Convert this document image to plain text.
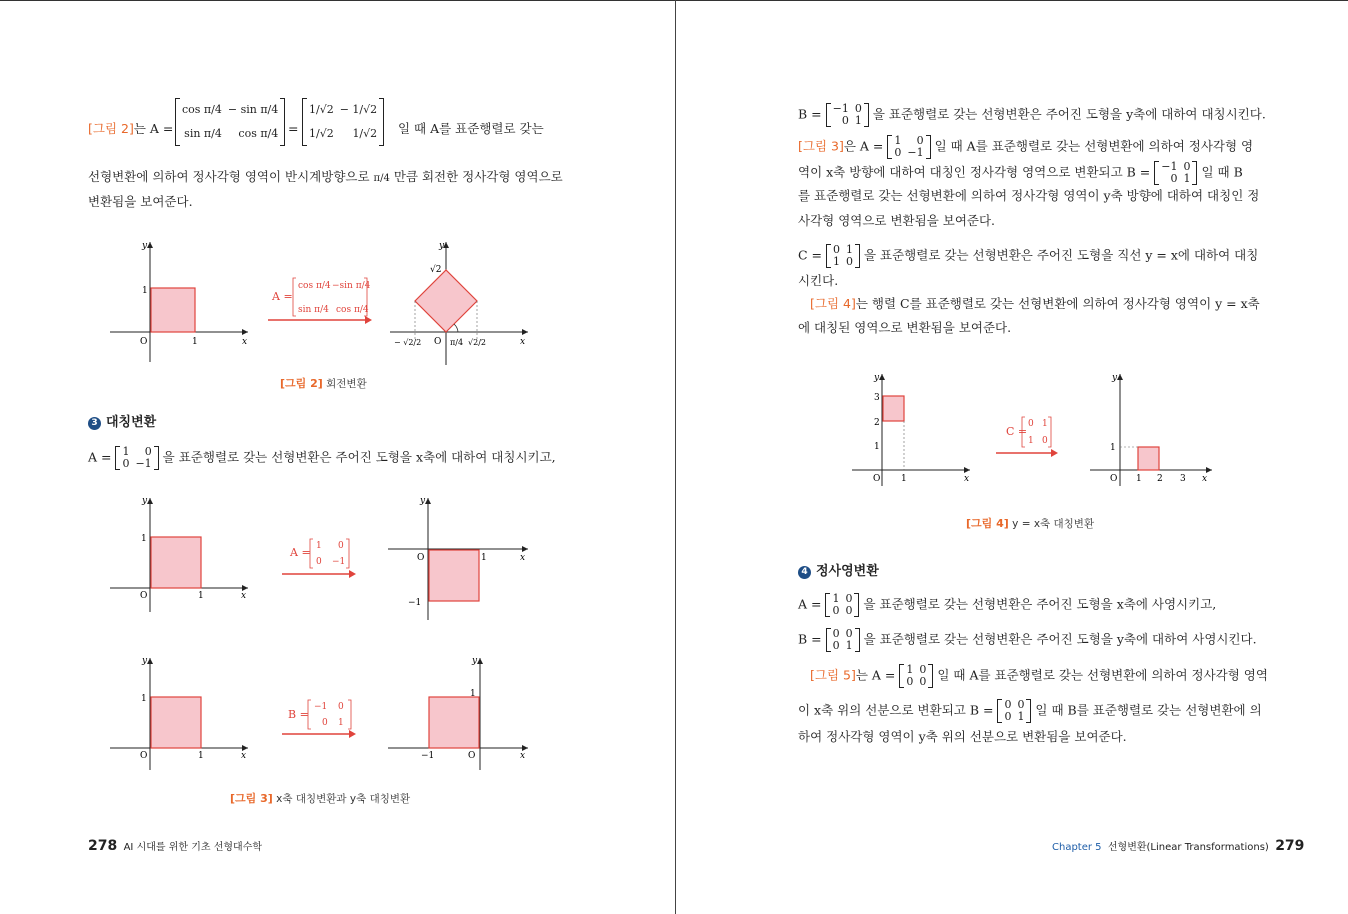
[그림 2]는 A =
cos π/4	− sin π/4
sin π/4	cos π/4 =
1/√2	− 1/√2
1/√2	1/√2 일 때 A를 표준행렬로 갖는
선형변환에 의하여 정사각형 영역이 반시계방향으로 π/4 만큼 회전한 정사각형 영역으로
변환됨을 보여준다.
y
1
O	1	x
A =
cos π/4 −sin π/4
sin π/4 cos π/4
y
√2
− √2/2 O π/4 √2/2	x
[그림 2] 회전변환
3 대칭변환
A = 1	0
0	−1 을 표준행렬로 갖는 선형변환은 주어진 도형을 x축에 대하여 대칭시키고,
y
1
O	1	x
A = 1 0
0 −1
y
O	1	x
−1
y
1
O	1	x
B =
−1 0
0 1
y
1
−1	O	x
[그림 3] x축 대칭변환과 y축 대칭변환
278 AI 시대를 위한 기초 선형대수학
B = −1	0
0	1 을 표준행렬로 갖는 선형변환은 주어진 도형을 y축에 대하여 대칭시킨다.
[그림 3]은 A = 1	0
0	−1 일 때 A를 표준행렬로 갖는 선형변환에 의하여 정사각형 영
역이 x축 방향에 대하여 대칭인 정사각형 영역으로 변환되고 B = −1	0
0	1 일 때 B
를 표준행렬로 갖는 선형변환에 의하여 정사각형 영역이 y축 방향에 대하여 대칭인 정
사각형 영역으로 변환됨을 보여준다.
C = 0	1
1	0 을 표준행렬로 갖는 선형변환은 주어진 도형을 직선 y = x에 대하여 대칭
시킨다.
[그림 4]는 행렬 C를 표준행렬로 갖는 선형변환에 의하여 정사각형 영역이 y = x축
에 대칭된 영역으로 변환됨을 보여준다.
y
1
2
3
O 1	x
C =
0 1
1 0
y
1
O 1 2 3 x
[그림 4] y = x축 대칭변환
4 정사영변환
A = 1	0
0	0 을 표준행렬로 갖는 선형변환은 주어진 도형을 x축에 사영시키고,
B = 0	0
0	1 을 표준행렬로 갖는 선형변환은 주어진 도형을 y축에 대하여 사영시킨다.
[그림 5]는 A = 1	0
0	0 일 때 A를 표준행렬로 갖는 선형변환에 의하여 정사각형 영역
이 x축 위의 선분으로 변환되고 B = 0	0
0	1 일 때 B를 표준행렬로 갖는 선형변환에 의
하여 정사각형 영역이 y축 위의 선분으로 변환됨을 보여준다.
Chapter 5 선형변환(Linear Transformations) 279
